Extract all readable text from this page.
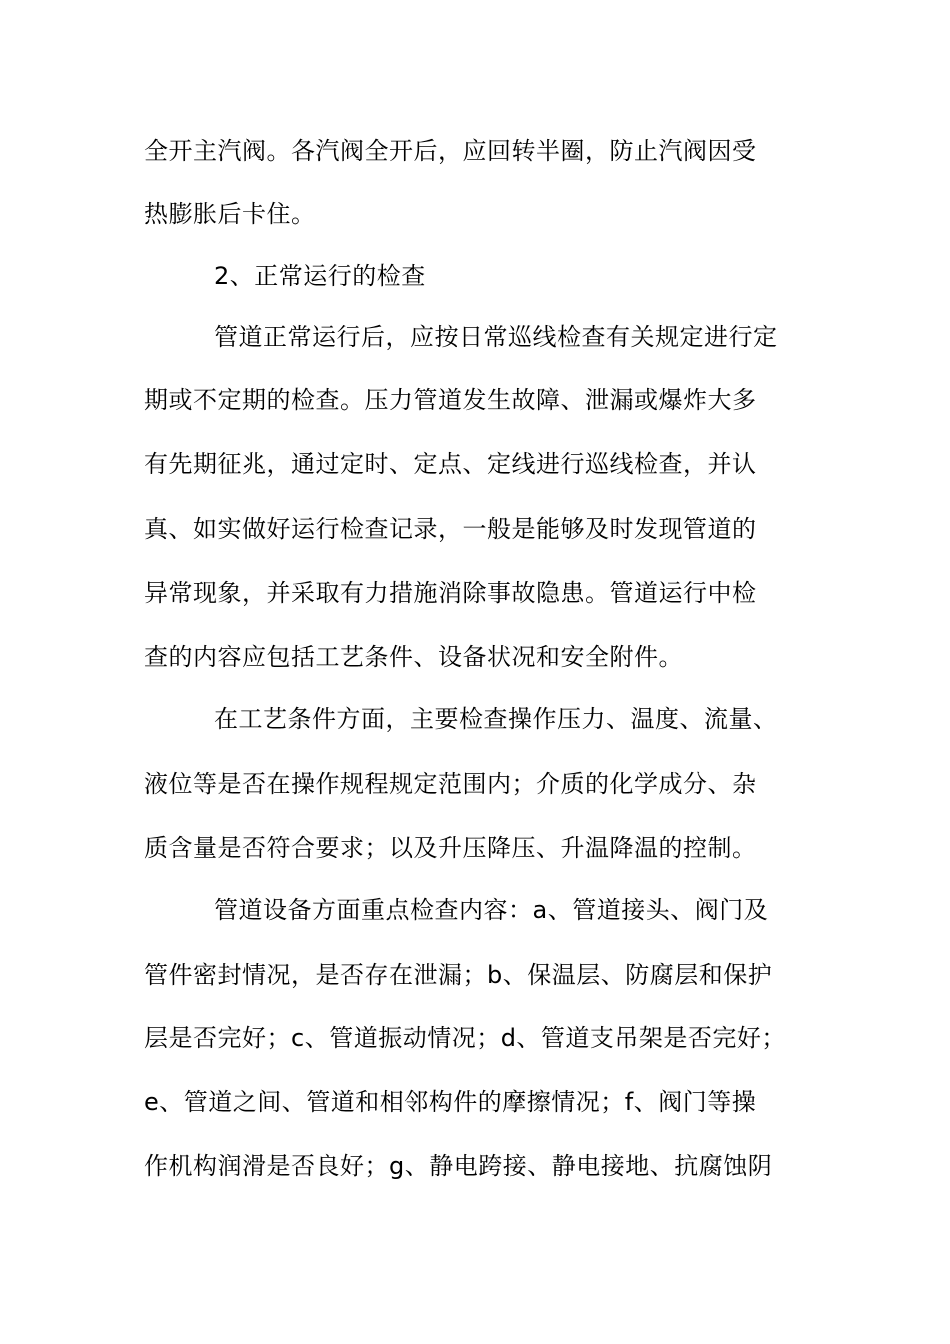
全开主汽阀。各汽阀全开后，应回转半圈，防止汽阀因受
热膨胀后卡住。
2、正常运行的检查
管道正常运行后，应按日常巡线检查有关规定进行定
期或不定期的检查。压力管道发生故障、泄漏或爆炸大多
有先期征兆，通过定时、定点、定线进行巡线检查，并认
真、如实做好运行检查记录，一般是能够及时发现管道的
异常现象，并采取有力措施消除事故隐患。管道运行中检
查的内容应包括工艺条件、设备状况和安全附件。
在工艺条件方面，主要检查操作压力、温度、流量、
液位等是否在操作规程规定范围内；介质的化学成分、杂
质含量是否符合要求；以及升压降压、升温降温的控制。
管道设备方面重点检查内容：a、管道接头、阀门及
管件密封情况，是否存在泄漏；b、保温层、防腐层和保护
层是否完好；c、管道振动情况；d、管道支吊架是否完好；
e、管道之间、管道和相邻构件的摩擦情况；f、阀门等操
作机构润滑是否良好；g、静电跨接、静电接地、抗腐蚀阴
